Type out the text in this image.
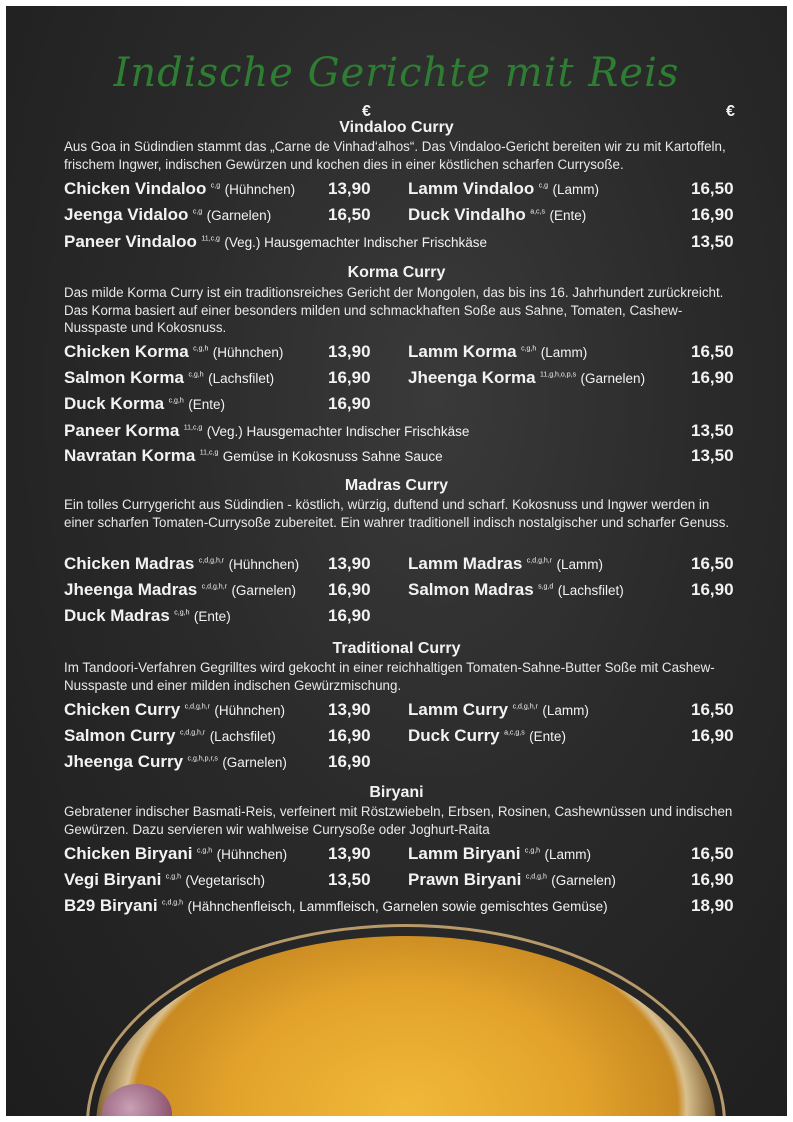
Indische Gerichte mit Reis
€	€
Vindaloo Curry
Aus Goa in Südindien stammt das „Carne de Vinhad‘alhos“. Das Vindaloo-Gericht bereiten wir zu mit Kartoffeln, frischem Ingwer, indischen Gewürzen und kochen dies in einer köstlichen scharfen Currysoße.
Chicken Vindaloo $^{c,g}$ (Hühnchen) 13,90 Lamm Vindaloo $^{c,g}$ (Lamm)	16,50
Jeenga Vidaloo $^{c,g}$ (Garnelen)	16,50 Duck Vindalho $^{a,c,s}$ (Ente)	16,90
Paneer Vindaloo $^{11,c,g}$ (Veg.) Hausgemachter Indischer Frischkäse	13,50
Korma Curry
Das milde Korma Curry ist ein traditionsreiches Gericht der Mongolen, das bis ins 16. Jahrhundert zurückreicht. Das Korma basiert auf einer besonders milden und schmackhaften Soße aus Sahne, Tomaten, Cashew-Nusspaste und Kokosnuss.
Chicken Korma $^{c,g,h}$ (Hühnchen)	13,90 Lamm Korma $^{c,g,h}$ (Lamm)	16,50
Salmon Korma $^{c,g,h}$ (Lachsfilet)	16,90 Jheenga Korma $^{11,g,h,o,p,s}$ (Garnelen)	16,90
Duck Korma $^{c,g,h}$ (Ente)	16,90
Paneer Korma $^{11,c,g}$ (Veg.) Hausgemachter Indischer Frischkäse	13,50
Navratan Korma $^{11,c,g}$ Gemüse in Kokosnuss Sahne Sauce	13,50
Madras Curry
Ein tolles Currygericht aus Südindien - köstlich, würzig, duftend und scharf. Kokosnuss und Ingwer werden in einer scharfen Tomaten-Currysoße zubereitet. Ein wahrer traditionell indisch nostalgischer und scharfer Genuss.
Chicken Madras $^{c,d,g,h,r}$ (Hühnchen) 13,90 Lamm Madras $^{c,d,g,h,r}$ (Lamm)	16,50
Jheenga Madras $^{c,d,g,h,r}$ (Garnelen) 16,90 Salmon Madras $^{s,g,d}$ (Lachsfilet)	16,90
Duck Madras $^{c,g,h}$ (Ente)	16,90
Traditional Curry
Im Tandoori-Verfahren Gegrilltes wird gekocht in einer reichhaltigen Tomaten-Sahne-Butter Soße mit Cashew-Nusspaste und einer milden indischen Gewürzmischung.
Chicken Curry $^{c,d,g,h,r}$ (Hühnchen)	13,90 Lamm Curry $^{c,d,g,h,r}$ (Lamm)	16,50
Salmon Curry $^{c,d,g,h,r}$ (Lachsfilet)	16,90 Duck Curry $^{a,c,g,s}$ (Ente)	16,90
Jheenga Curry $^{c,g,h,p,r,s}$ (Garnelen) 16,90
Biryani
Gebratener indischer Basmati-Reis, verfeinert mit Röstzwiebeln, Erbsen, Rosinen, Cashewnüssen und indischen Gewürzen. Dazu servieren wir wahlweise Currysoße oder Joghurt-Raita
Chicken Biryani $^{c,g,h}$ (Hühnchen) 13,90 Lamm Biryani $^{c,g,h}$ (Lamm)	16,50
Vegi Biryani $^{c,g,h}$ (Vegetarisch)	13,50 Prawn Biryani $^{c,d,g,h}$ (Garnelen)	16,90
B29 Biryani $^{c,d,g,h}$ (Hähnchenfleisch, Lammfleisch, Garnelen sowie gemischtes Gemüse)	18,90
